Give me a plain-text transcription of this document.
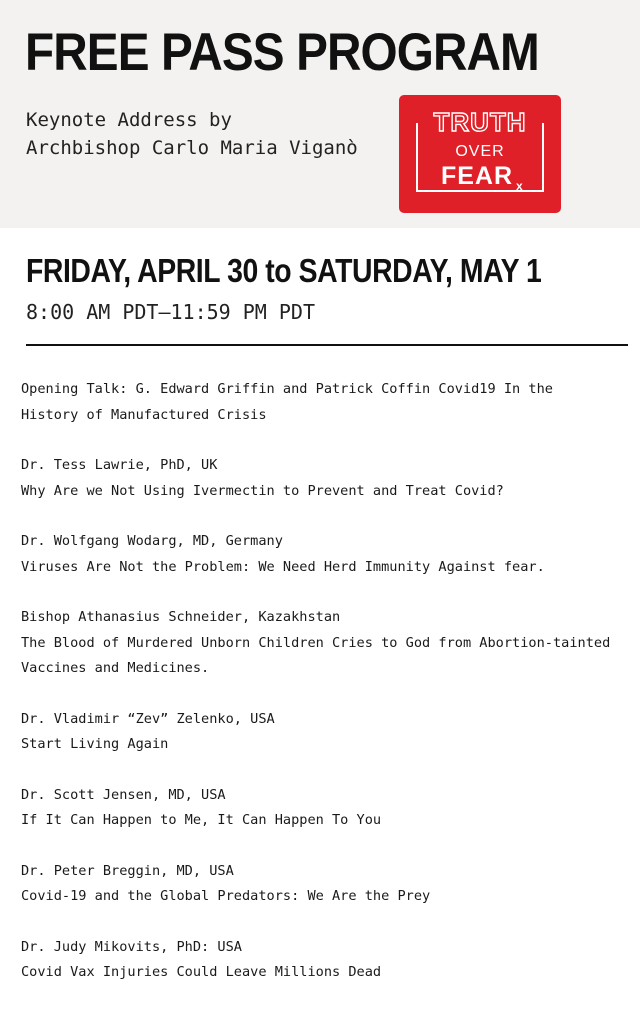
FREE PASS PROGRAM
Keynote Address by
Archbishop Carlo Maria Viganò
TRUTH
OVER
FEAR x
FRIDAY, APRIL 30 to SATURDAY, MAY 1
8:00 AM PDT–11:59 PM PDT
Opening Talk: G. Edward Griffin and Patrick Coffin Covid19 In the
History of Manufactured Crisis
Dr. Tess Lawrie, PhD, UK
Why Are we Not Using Ivermectin to Prevent and Treat Covid?
Dr. Wolfgang Wodarg, MD, Germany
Viruses Are Not the Problem: We Need Herd Immunity Against fear.
Bishop Athanasius Schneider, Kazakhstan
The Blood of Murdered Unborn Children Cries to God from Abortion-tainted
Vaccines and Medicines.
Dr. Vladimir “Zev” Zelenko, USA
Start Living Again
Dr. Scott Jensen, MD, USA
If It Can Happen to Me, It Can Happen To You
Dr. Peter Breggin, MD, USA
Covid-19 and the Global Predators: We Are the Prey
Dr. Judy Mikovits, PhD: USA
Covid Vax Injuries Could Leave Millions Dead
